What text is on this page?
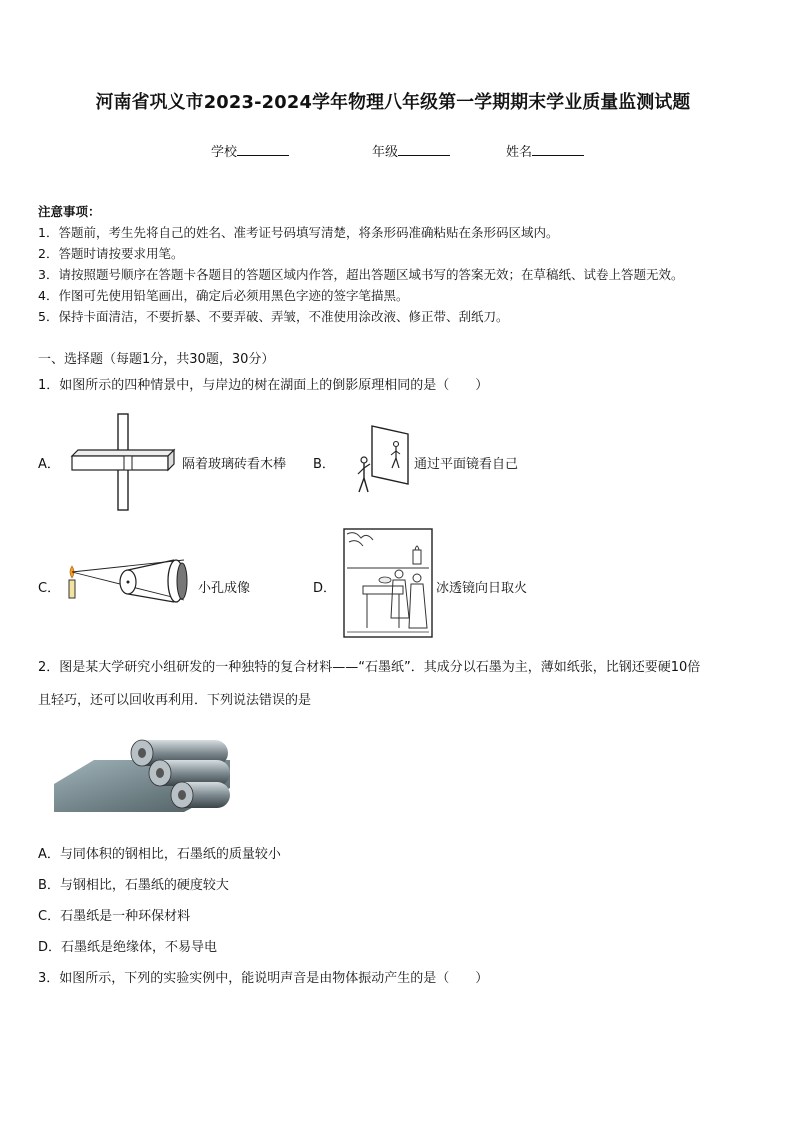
河南省巩义市2023-2024学年物理八年级第一学期期末学业质量监测试题
学校	年级	姓名
注意事项：
1．答题前，考生先将自己的姓名、准考证号码填写清楚，将条形码准确粘贴在条形码区域内。
2．答题时请按要求用笔。
3．请按照题号顺序在答题卡各题目的答题区域内作答，超出答题区域书写的答案无效；在草稿纸、试卷上答题无效。
4．作图可先使用铅笔画出，确定后必须用黑色字迹的签字笔描黑。
5．保持卡面清洁，不要折暴、不要弄破、弄皱，不准使用涂改液、修正带、刮纸刀。
一、选择题（每题1分，共30题，30分）
1．如图所示的四种情景中，与岸边的树在湖面上的倒影原理相同的是（　　）
A．	隔着玻璃砖看木棒 B．	通过平面镜看自己
C．	小孔成像	D．	冰透镜向日取火
2．图是某大学研究小组研发的一种独特的复合材料——“石墨纸”．其成分以石墨为主，薄如纸张，比钢还要硬10倍
且轻巧，还可以回收再利用．下列说法错误的是
A．与同体积的钢相比，石墨纸的质量较小
B．与钢相比，石墨纸的硬度较大
C．石墨纸是一种环保材料
D．石墨纸是绝缘体，不易导电
3．如图所示，下列的实验实例中，能说明声音是由物体振动产生的是（　　）
